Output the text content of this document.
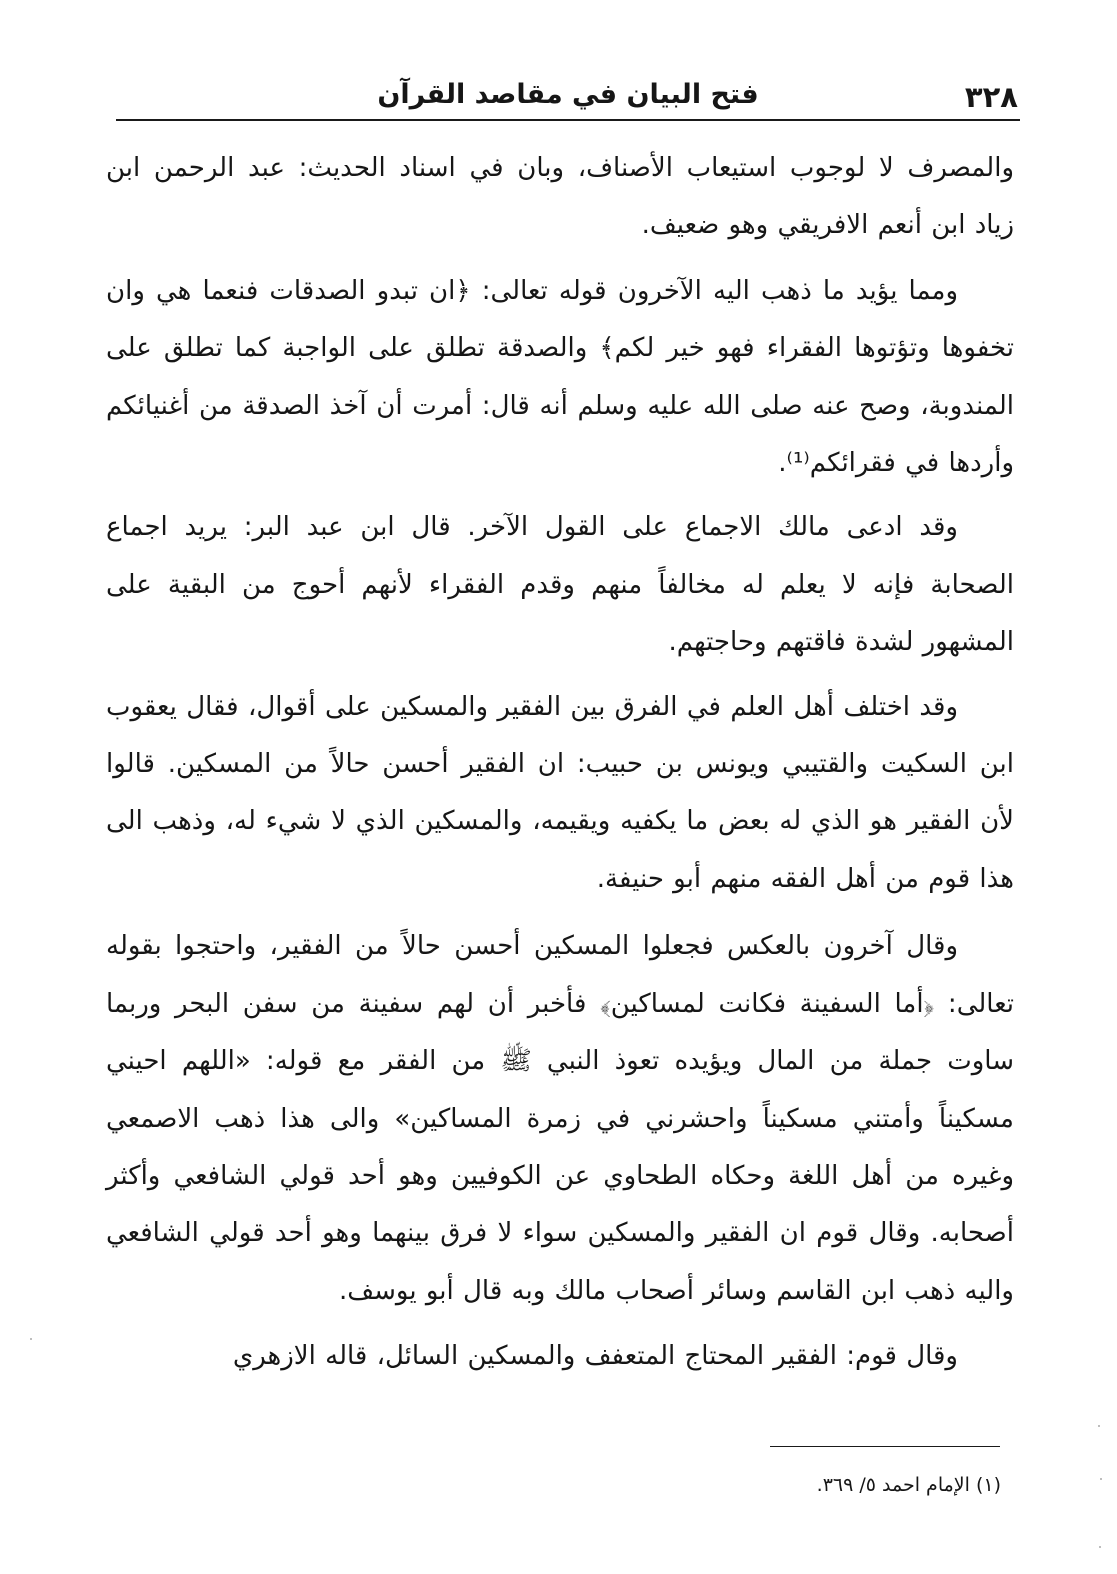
٣٢٨
فتح البيان في مقاصد القرآن

والمصرف لا لوجوب استيعاب الأصناف، وبان في اسناد الحديث: عبد الرحمن ابن زياد ابن أنعم الافريقي وهو ضعيف.

ومما يؤيد ما ذهب اليه الآخرون قوله تعالى: ﴿ان تبدو الصدقات فنعما هي وان تخفوها وتؤتوها الفقراء فهو خير لكم﴾ والصدقة تطلق على الواجبة كما تطلق على المندوبة، وصح عنه صلى الله عليه وسلم أنه قال: أمرت أن آخذ الصدقة من أغنيائكم وأردها في فقرائكم⁽¹⁾.

وقد ادعى مالك الاجماع على القول الآخر. قال ابن عبد البر: يريد اجماع الصحابة فإنه لا يعلم له مخالفاً منهم وقدم الفقراء لأنهم أحوج من البقية على المشهور لشدة فاقتهم وحاجتهم.

وقد اختلف أهل العلم في الفرق بين الفقير والمسكين على أقوال، فقال يعقوب ابن السكيت والقتيبي ويونس بن حبيب: ان الفقير أحسن حالاً من المسكين. قالوا لأن الفقير هو الذي له بعض ما يكفيه ويقيمه، والمسكين الذي لا شيء له، وذهب الى هذا قوم من أهل الفقه منهم أبو حنيفة.

وقال آخرون بالعكس فجعلوا المسكين أحسن حالاً من الفقير، واحتجوا بقوله تعالى: ﴿أما السفينة فكانت لمساكين﴾ فأخبر أن لهم سفينة من سفن البحر وربما ساوت جملة من المال ويؤيده تعوذ النبي ﷺ من الفقر مع قوله: «اللهم احيني مسكيناً وأمتني مسكيناً واحشرني في زمرة المساكين» والى هذا ذهب الاصمعي وغيره من أهل اللغة وحكاه الطحاوي عن الكوفيين وهو أحد قولي الشافعي وأكثر أصحابه. وقال قوم ان الفقير والمسكين سواء لا فرق بينهما وهو أحد قولي الشافعي واليه ذهب ابن القاسم وسائر أصحاب مالك وبه قال أبو يوسف.

وقال قوم: الفقير المحتاج المتعفف والمسكين السائل، قاله الازهري

(١) الإمام احمد ٥/ ٣٦٩.
